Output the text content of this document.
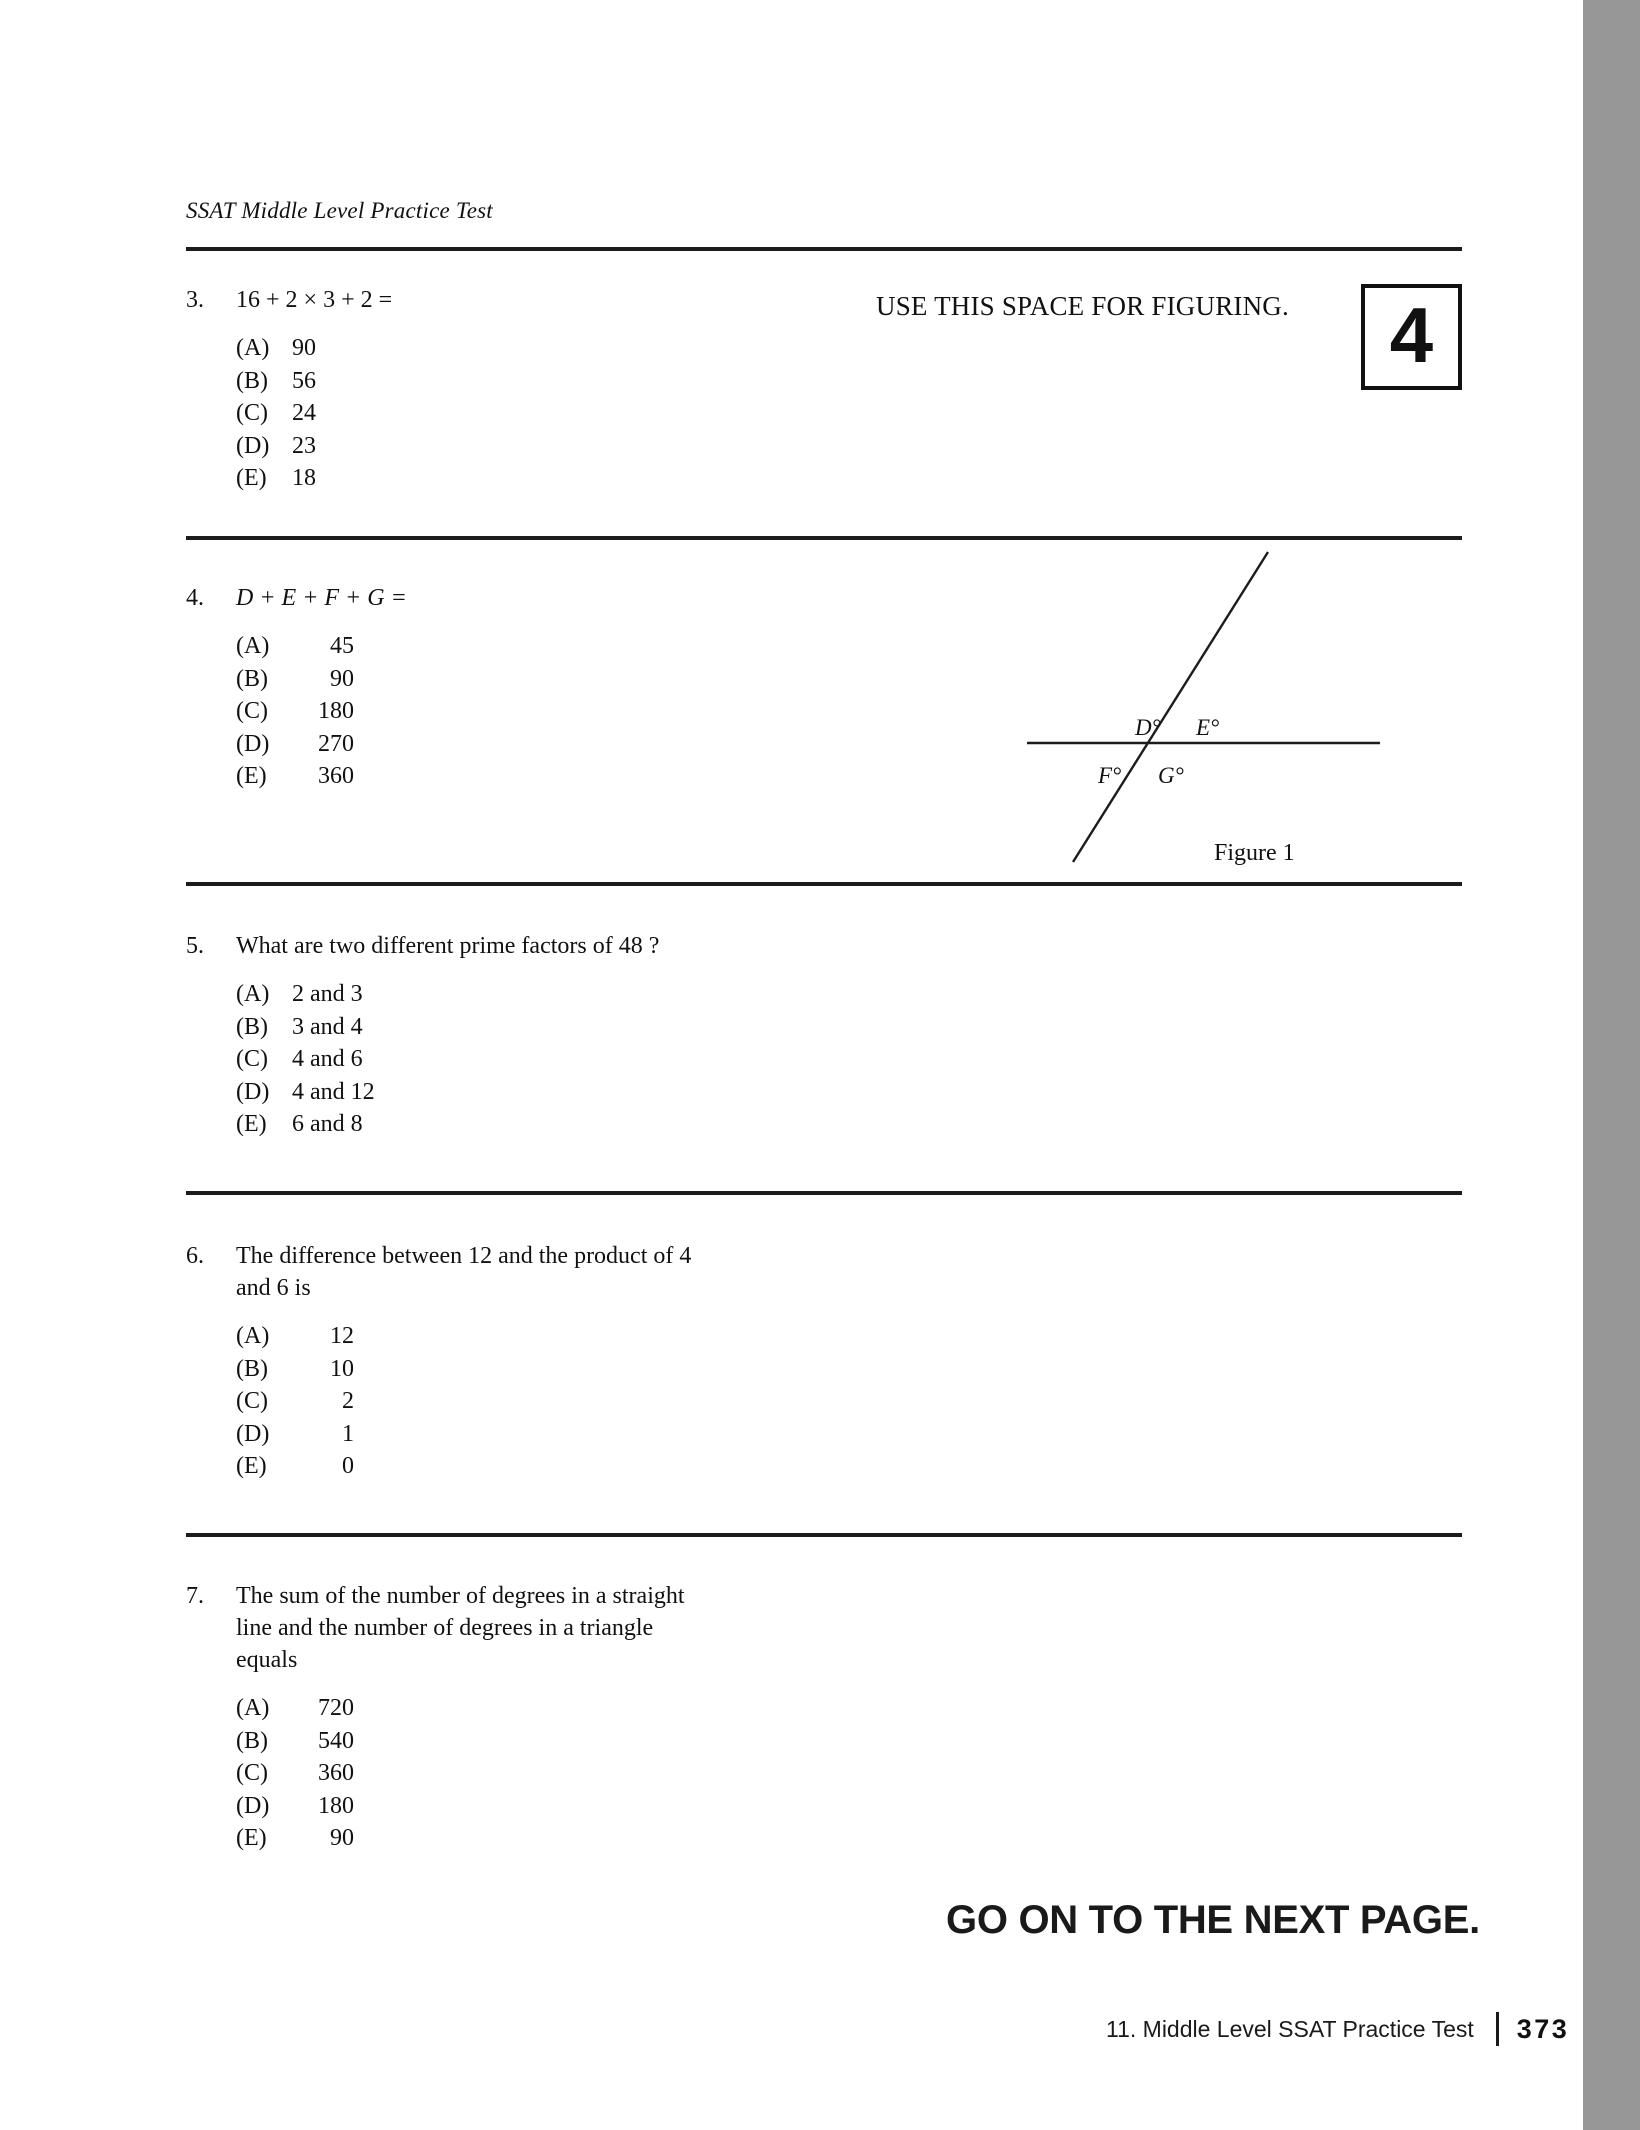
SSAT Middle Level Practice Test
USE THIS SPACE FOR FIGURING.	4
3.	16 + 2 × 3 + 2 =
(A) 90
(B)	56
(C)	24
(D) 23
(E)	18
4.	D + E + F + G =
(A)	45
(B)	90
(C)	180
(D)	270
(E)	360
D° E°
F° G°
Figure 1
5.	What are two different prime factors of 48 ?
(A) 2 and 3
(B)	3 and 4
(C)	4 and 6
(D) 4 and 12
(E)	6 and 8
6.	The difference between 12 and the product of 4
and 6 is
(A)	12
(B)	10
(C)	2
(D)	1
(E)	0
7.	The sum of the number of degrees in a straight
line and the number of degrees in a triangle
equals
(A)	720
(B)	540
(C)	360
(D)	180
(E)	90
GO ON TO THE NEXT PAGE.
11. Middle Level SSAT Practice Test 373
